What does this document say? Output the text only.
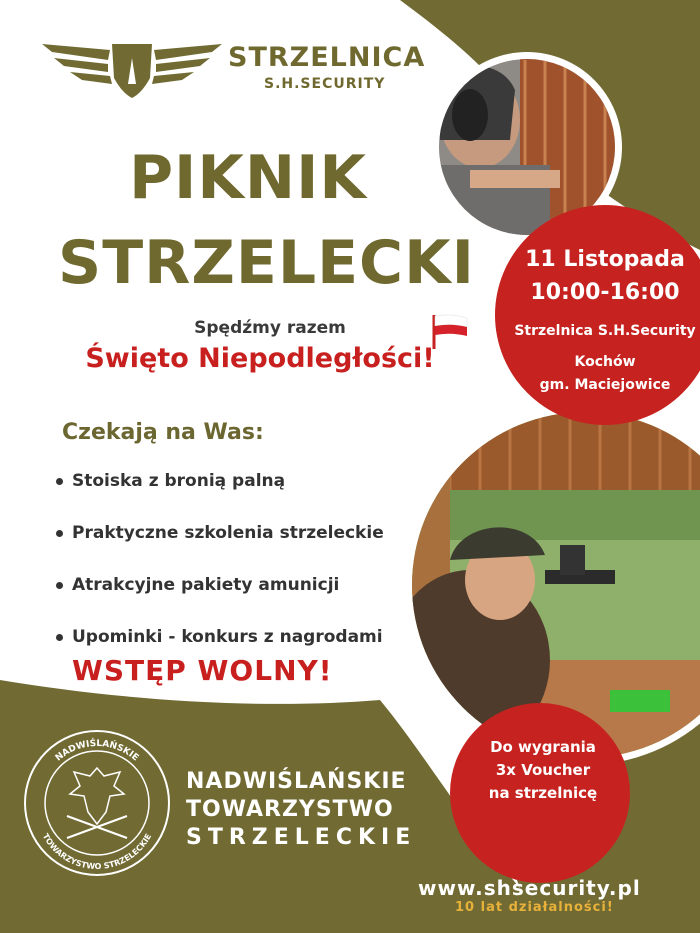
STRZELNICA
S.H.SECURITY
PIKNIK
STRZELECKI
Spędźmy razem
Święto Niepodległości!
Czekają na Was:
Stoiska z bronią palną
Praktyczne szkolenia strzeleckie
Atrakcyjne pakiety amunicji
Upominki - konkurs z nagrodami
WSTĘP WOLNY!
11 Listopada
10:00-16:00
Strzelnica S.H.Security
Kochów
gm. Maciejowice
Do wygrania
3x Voucher
na strzelnicę
NADWIŚLAŃSKIE
TOWARZYSTWO STRZELECKIE
NADWIŚLAŃSKIE
TOWARZYSTWO
STRZELECKIE
www.shsecurity.pl
10 lat działalności!
